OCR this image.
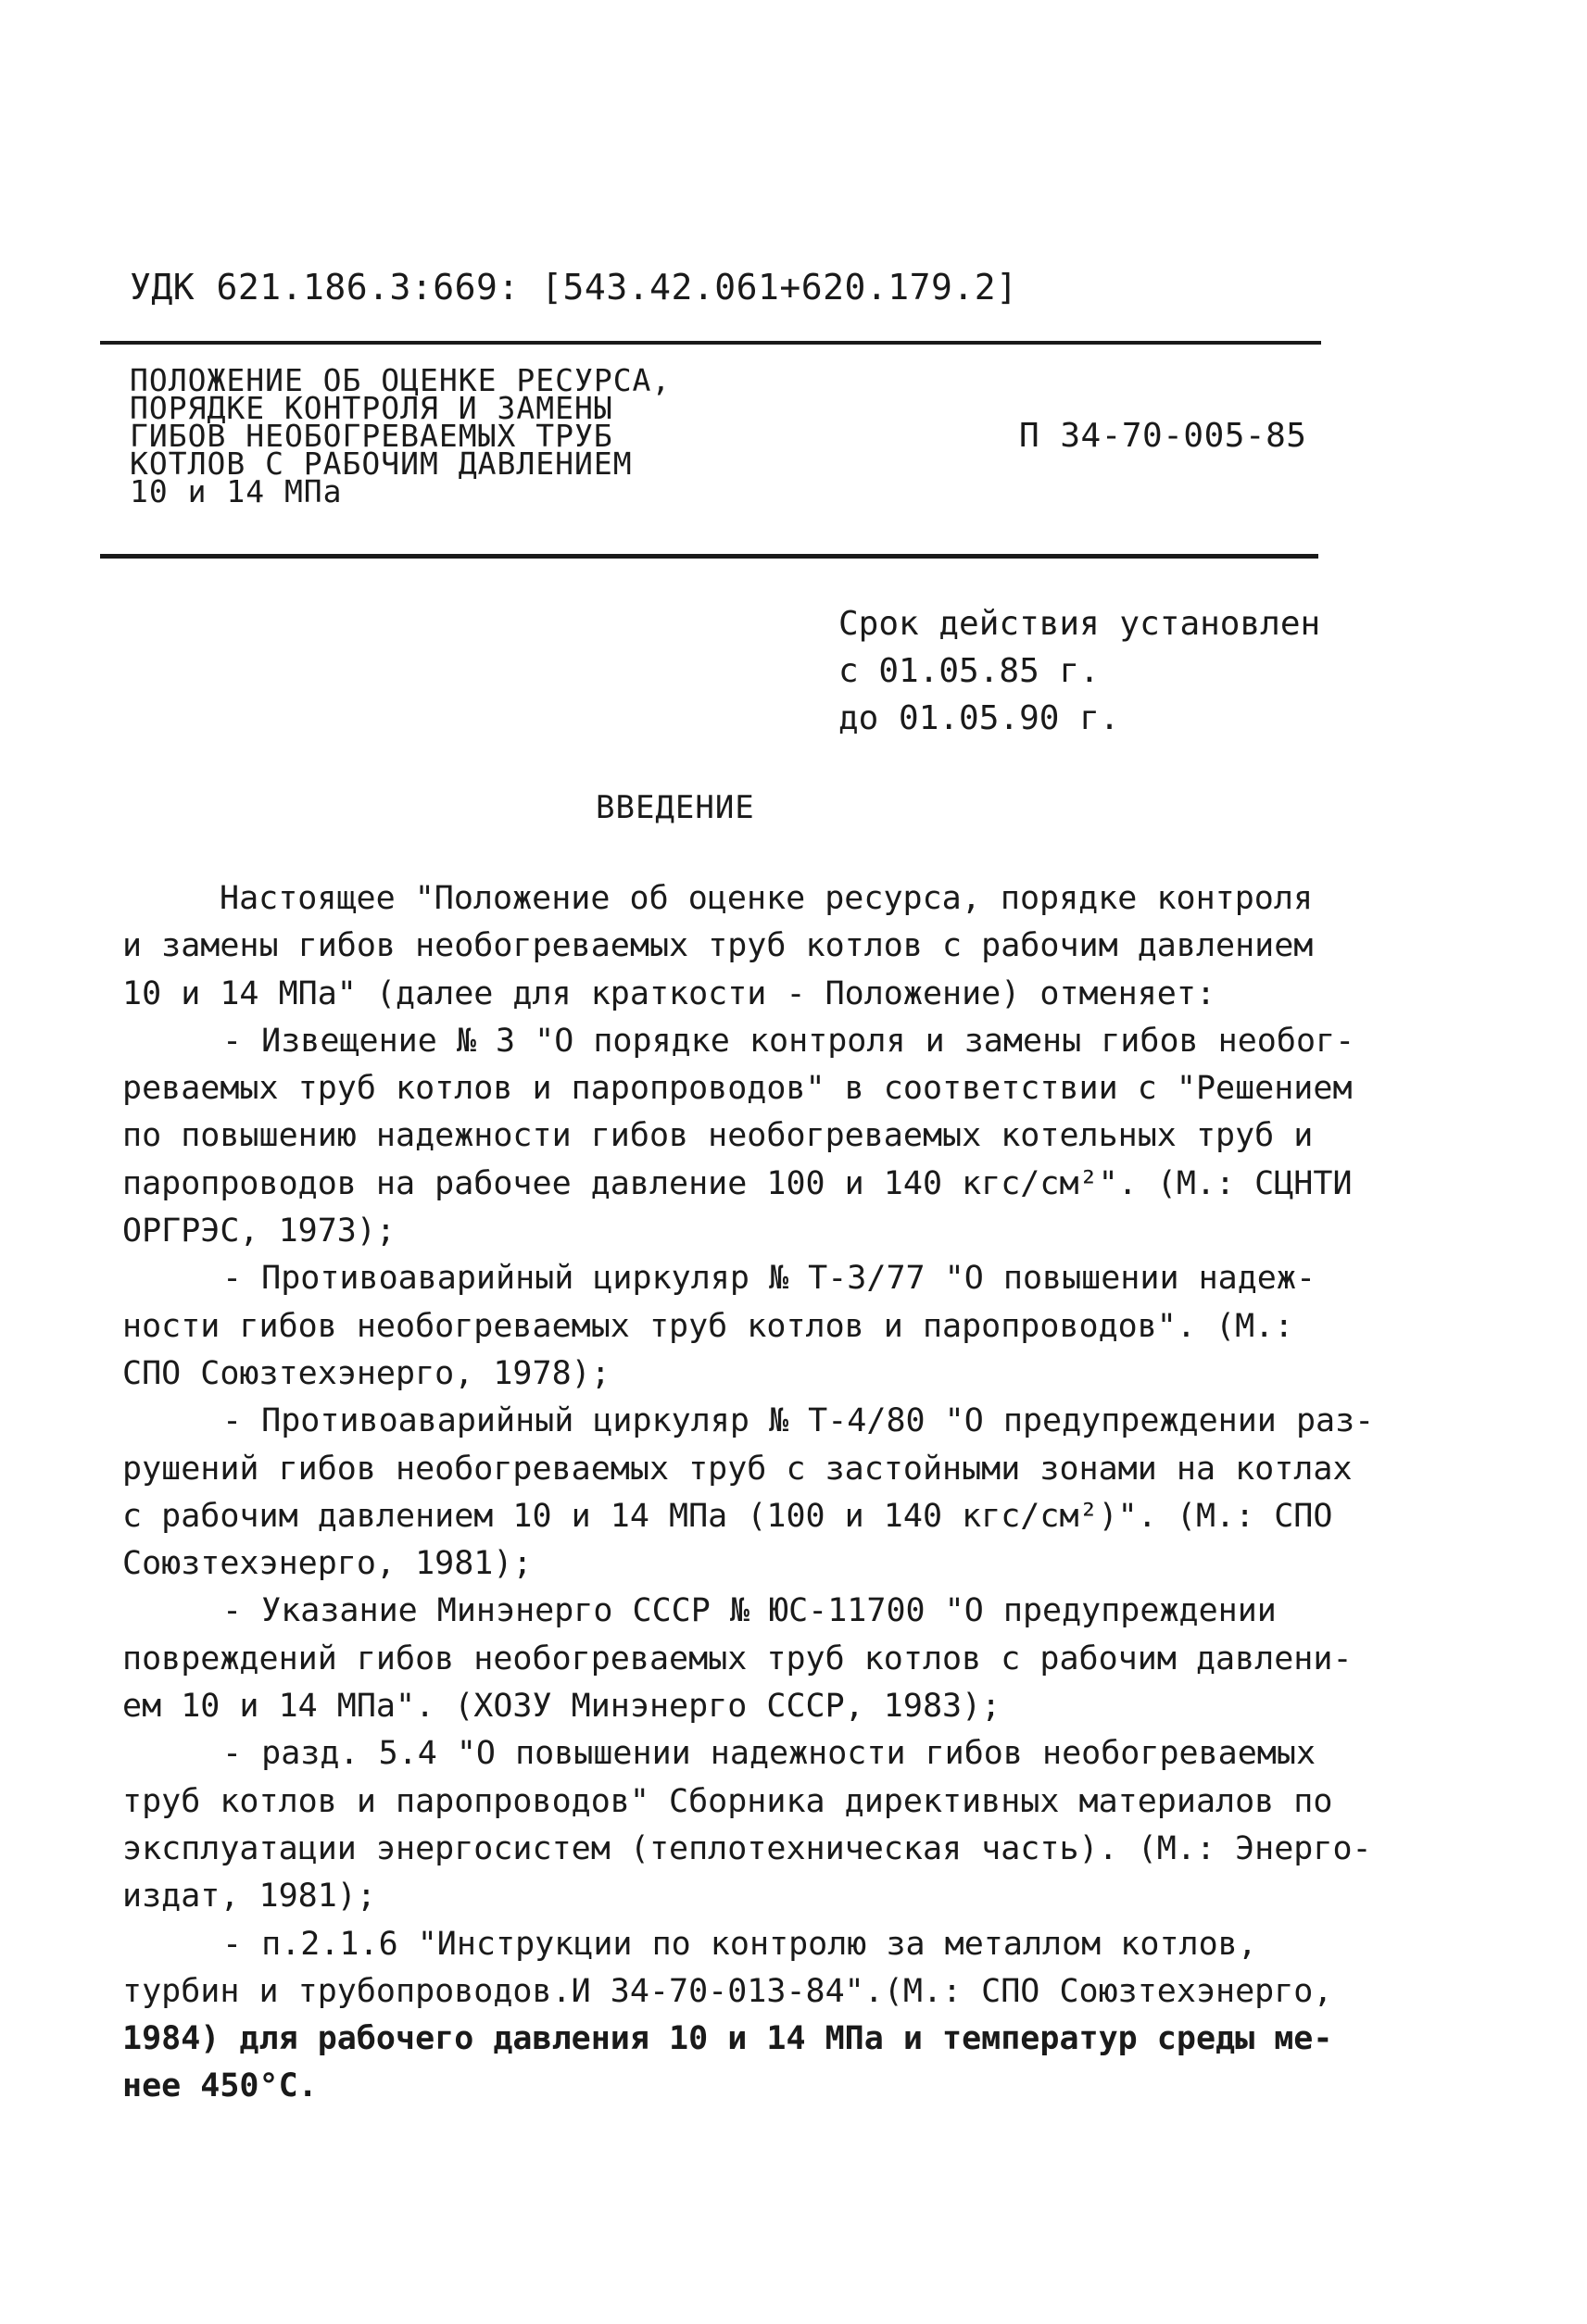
УДК 621.186.3:669: [543.42.061+620.179.2]
ПОЛОЖЕНИЕ ОБ ОЦЕНКЕ РЕСУРСА,
ПОРЯДКЕ КОНТРОЛЯ И ЗАМЕНЫ
ГИБОВ НЕОБОГРЕВАЕМЫХ ТРУБ
КОТЛОВ С РАБОЧИМ ДАВЛЕНИЕМ
10 и 14 МПа
П 34-70-005-85
Срок действия установлен
с 01.05.85 г.
до 01.05.90 г.
ВВЕДЕНИЕ
Настоящее "Положение об оценке ресурса, порядке контроля
и замены гибов необогреваемых труб котлов с рабочим давлением
10 и 14 МПа" (далее для краткости - Положение) отменяет:
- Извещение № 3 "О порядке контроля и замены гибов необог-
реваемых труб котлов и паропроводов" в соответствии с "Решением
по повышению надежности гибов необогреваемых котельных труб и
паропроводов на рабочее давление 100 и 140 кгс/см²". (М.: СЦНТИ
ОРГРЭС, 1973);
- Противоаварийный циркуляр № Т-3/77 "О повышении надеж-
ности гибов необогреваемых труб котлов и паропроводов". (М.:
СПО Союзтехэнерго, 1978);
- Противоаварийный циркуляр № Т-4/80 "О предупреждении раз-
рушений гибов необогреваемых труб с застойными зонами на котлах
с рабочим давлением 10 и 14 МПа (100 и 140 кгс/см²)". (М.: СПО
Союзтехэнерго, 1981);
- Указание Минэнерго СССР № ЮС-11700 "О предупреждении
повреждений гибов необогреваемых труб котлов с рабочим давлени-
ем 10 и 14 МПа". (ХОЗУ Минэнерго СССР, 1983);
- разд. 5.4 "О повышении надежности гибов необогреваемых
труб котлов и паропроводов" Сборника директивных материалов по
эксплуатации энергосистем (теплотехническая часть). (М.: Энерго-
издат, 1981);
- п.2.1.6 "Инструкции по контролю за металлом котлов,
турбин и трубопроводов.И 34-70-013-84".(М.: СПО Союзтехэнерго,
1984) для рабочего давления 10 и 14 МПа и температур среды ме-
нее 450°С.
